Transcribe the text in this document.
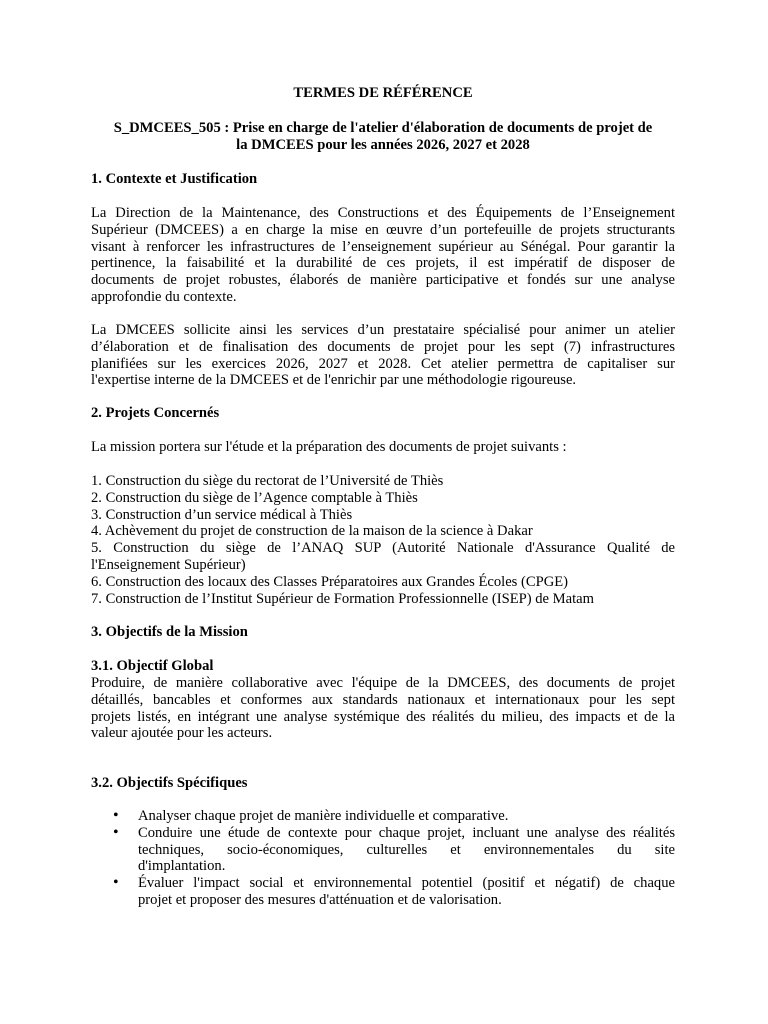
TERMES DE RÉFÉRENCE
S_DMCEES_505 : Prise en charge de l'atelier d'élaboration de documents de projet de
la DMCEES pour les années 2026, 2027 et 2028
1. Contexte et Justification
La Direction de la Maintenance, des Constructions et des Équipements de l’Enseignement
Supérieur (DMCEES) a en charge la mise en œuvre d’un portefeuille de projets structurants
visant à renforcer les infrastructures de l’enseignement supérieur au Sénégal. Pour garantir la
pertinence, la faisabilité et la durabilité de ces projets, il est impératif de disposer de
documents de projet robustes, élaborés de manière participative et fondés sur une analyse
approfondie du contexte.
La DMCEES sollicite ainsi les services d’un prestataire spécialisé pour animer un atelier
d’élaboration et de finalisation des documents de projet pour les sept (7) infrastructures
planifiées sur les exercices 2026, 2027 et 2028. Cet atelier permettra de capitaliser sur
l'expertise interne de la DMCEES et de l'enrichir par une méthodologie rigoureuse.
2. Projets Concernés
La mission portera sur l'étude et la préparation des documents de projet suivants :
1. Construction du siège du rectorat de l’Université de Thiès
2. Construction du siège de l’Agence comptable à Thiès
3. Construction d’un service médical à Thiès
4. Achèvement du projet de construction de la maison de la science à Dakar
5. Construction du siège de l’ANAQ SUP (Autorité Nationale d'Assurance Qualité de
l'Enseignement Supérieur)
6. Construction des locaux des Classes Préparatoires aux Grandes Écoles (CPGE)
7. Construction de l’Institut Supérieur de Formation Professionnelle (ISEP) de Matam
3. Objectifs de la Mission
3.1. Objectif Global
Produire, de manière collaborative avec l'équipe de la DMCEES, des documents de projet
détaillés, bancables et conformes aux standards nationaux et internationaux pour les sept
projets listés, en intégrant une analyse systémique des réalités du milieu, des impacts et de la
valeur ajoutée pour les acteurs.
3.2. Objectifs Spécifiques
• Analyser chaque projet de manière individuelle et comparative.
• Conduire une étude de contexte pour chaque projet, incluant une analyse des réalités
techniques, socio-économiques, culturelles et environnementales du site
d'implantation.
• Évaluer l'impact social et environnemental potentiel (positif et négatif) de chaque
projet et proposer des mesures d'atténuation et de valorisation.
